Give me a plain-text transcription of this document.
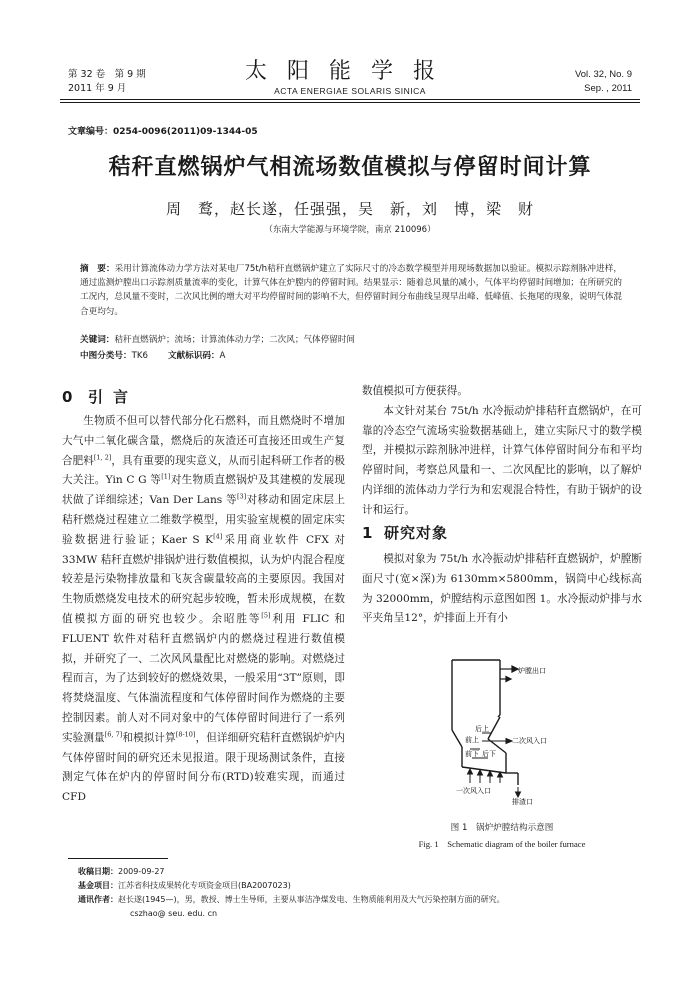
第 32 卷　第 9 期
2011 年 9 月
太阳能学报
ACTA ENERGIAE SOLARIS SINICA
Vol. 32, No. 9
Sep. , 2011
文章编号：0254-0096(2011)09-1344-05
秸秆直燃锅炉气相流场数值模拟与停留时间计算
周　鹜，赵长遂，任强强，吴　新，刘　博，梁　财
（东南大学能源与环境学院，南京 210096）
摘　要：采用计算流体动力学方法对某电厂75t/h秸秆直燃锅炉建立了实际尺寸的冷态数学模型并用现场数据加以验证。模拟示踪剂脉冲进样，通过监测炉膛出口示踪剂质量流率的变化，计算气体在炉膛内的停留时间。结果显示：随着总风量的减小，气体平均停留时间增加；在所研究的工况内，总风量不变时，二次风比例的增大对平均停留时间的影响不大，但停留时间分布曲线呈现早出峰、低峰值、长拖尾的现象，说明气体混合更均匀。
关键词：秸秆直燃锅炉；流场；计算流体动力学；二次风；气体停留时间
中图分类号：TK6 文献标识码：A
0 引言

生物质不但可以替代部分化石燃料，而且燃烧时不增加大气中二氧化碳含量，燃烧后的灰渣还可直接还田或生产复合肥料[1, 2]，具有重要的现实意义，从而引起科研工作者的极大关注。Yin C G 等[1]对生物质直燃锅炉及其建模的发展现状做了详细综述；Van Der Lans 等[3]对移动和固定床层上秸秆燃烧过程建立二维数学模型，用实验室规模的固定床实验数据进行验证；Kaer S K[4]采用商业软件 CFX 对 33MW 秸秆直燃炉排锅炉进行数值模拟，认为炉内混合程度较差是污染物排放量和飞灰含碳量较高的主要原因。我国对生物质燃烧发电技术的研究起步较晚，暂未形成规模，在数值模拟方面的研究也较少。余昭胜等[5]利用 FLIC 和 FLUENT 软件对秸秆直燃锅炉内的燃烧过程进行数值模拟，并研究了一、二次风风量配比对燃烧的影响。对燃烧过程而言，为了达到较好的燃烧效果，一般采用“3T”原则，即将焚烧温度、气体湍流程度和气体停留时间作为燃烧的主要控制因素。前人对不同对象中的气体停留时间进行了一系列实验测量[6, 7]和模拟计算[8-10]，但详细研究秸秆直燃锅炉炉内气体停留时间的研究还未见报道。限于现场测试条件，直接测定气体在炉内的停留时间分布(RTD)较难实现，而通过 CFD

数值模拟可方便获得。

本文针对某台 75t/h 水冷振动炉排秸秆直燃锅炉，在可靠的冷态空气流场实验数据基础上，建立实际尺寸的数学模型，并模拟示踪剂脉冲进样，计算气体停留时间分布和平均停留时间，考察总风量和一、二次风配比的影响，以了解炉内详细的流体动力学行为和宏观混合特性，有助于锅炉的设计和运行。

1 研究对象

模拟对象为 75t/h 水冷振动炉排秸秆直燃锅炉，炉膛断面尺寸(宽×深)为 6130mm×5800mm，锅筒中心线标高为 32000mm，炉膛结构示意图如图 1。水冷振动炉排与水平夹角呈12°，炉排面上开有小

炉膛出口
后上
前上	二次风入口
前下 后下
一次风入口
排渣口
图 1　锅炉炉膛结构示意图
Fig. 1　Schematic diagram of the boiler furnace
收稿日期：2009-09-27
基金项目：江苏省科技成果转化专项资金项目(BA2007023)
通讯作者：赵长遂(1945—)，男，教授、博士生导师，主要从事洁净煤发电、生物质能利用及大气污染控制方面的研究。
cszhao@ seu. edu. cn
